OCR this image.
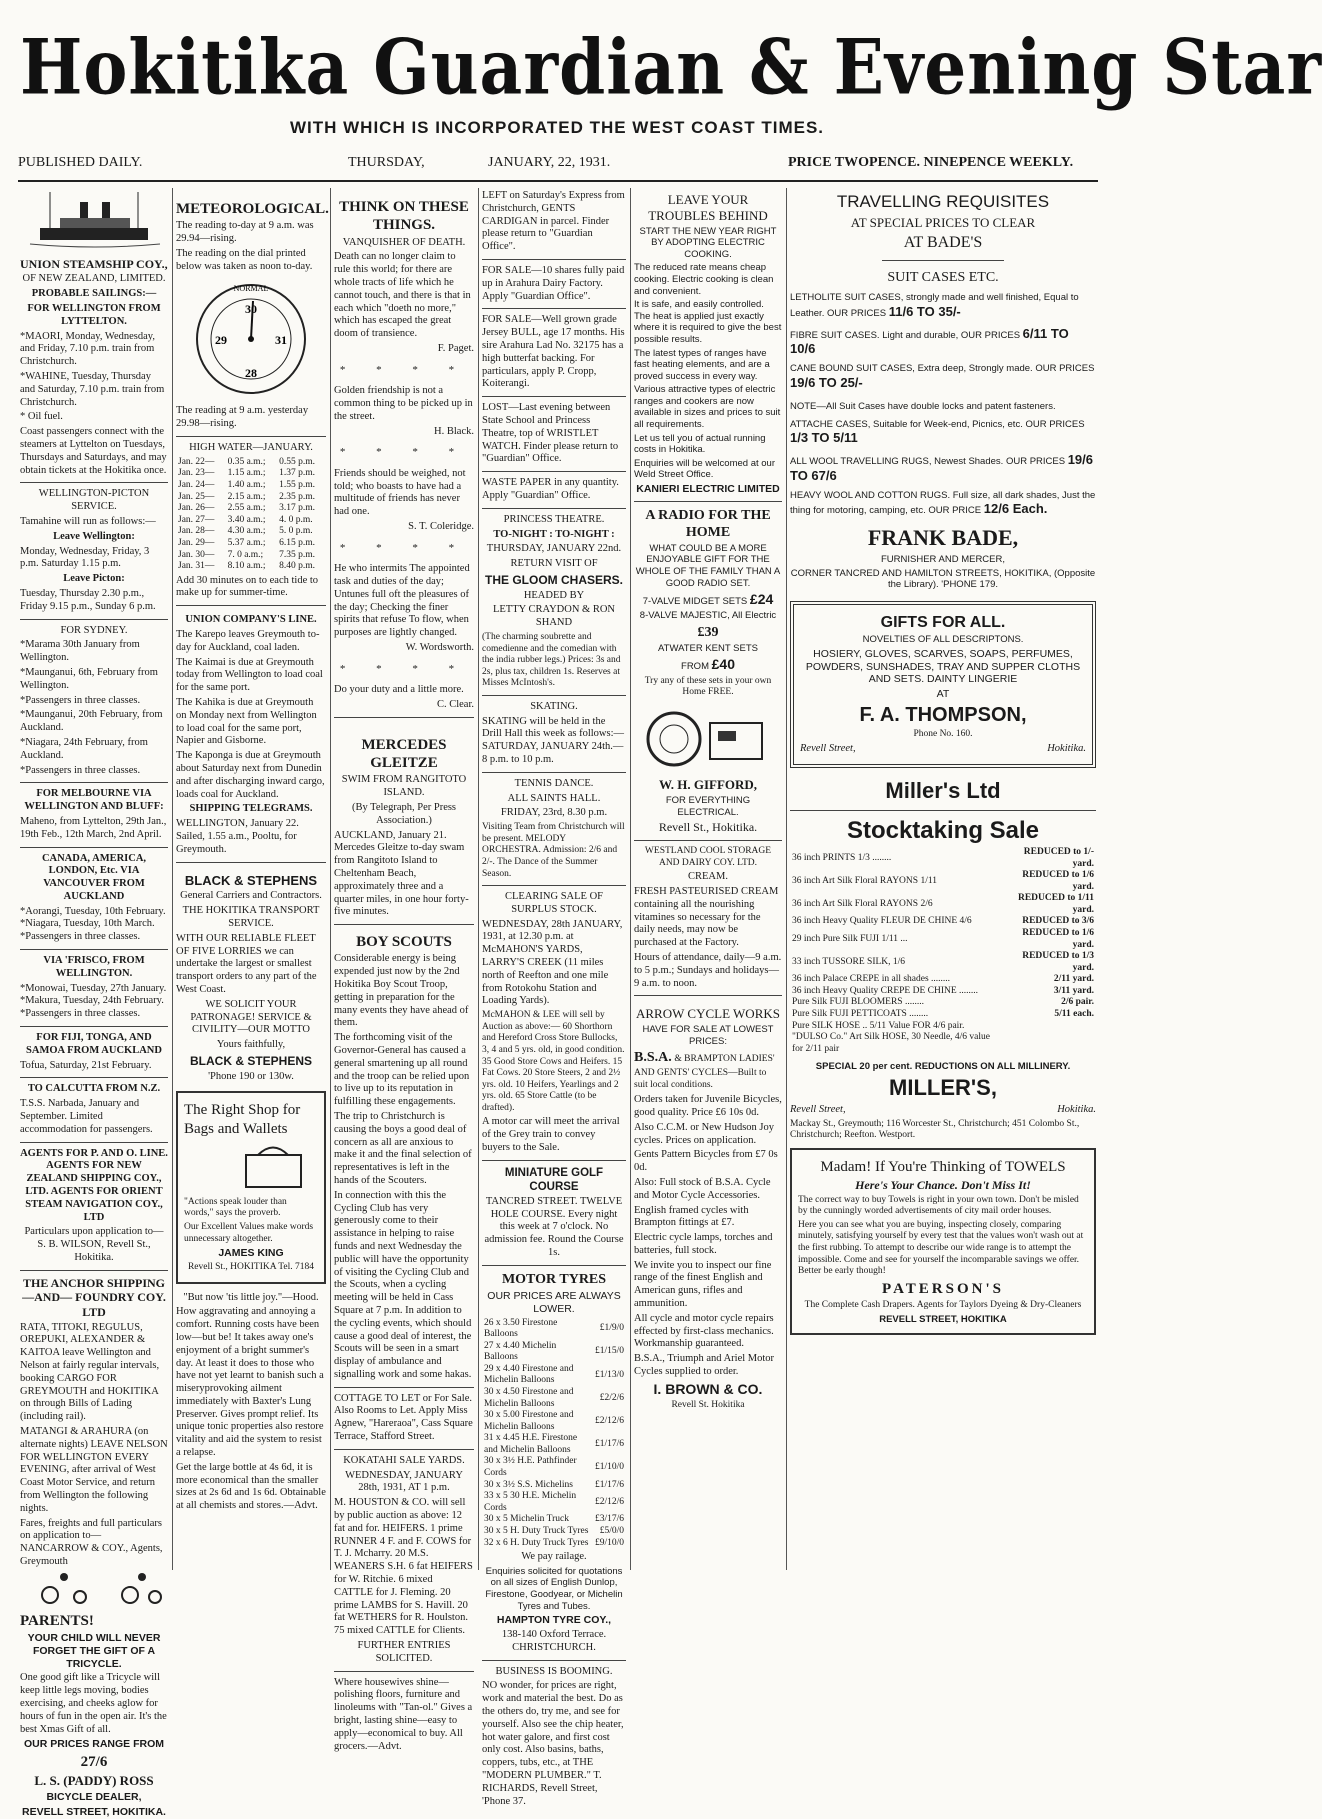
Hokitika Guardian & Evening Star
WITH WHICH IS INCORPORATED THE WEST COAST TIMES.
PUBLISHED DAILY.	THURSDAY,	JANUARY, 22, 1931.	PRICE TWOPENCE. NINEPENCE WEEKLY.

UNION STEAMSHIP COY.,

OF NEW ZEALAND, LIMITED.

PROBABLE SAILINGS:—

FOR WELLINGTON FROM LYTTELTON.

*MAORI, Monday, Wednesday, and Friday, 7.10 p.m. train from Christchurch.

*WAHINE, Tuesday, Thursday and Saturday, 7.10 p.m. train from Christchurch.

* Oil fuel.

Coast passengers connect with the steamers at Lyttelton on Tuesdays, Thursdays and Saturdays, and may obtain tickets at the Hokitika once.

WELLINGTON-PICTON SERVICE.

Tamahine will run as follows:—

Leave Wellington:

Monday, Wednesday, Friday, 3 p.m. Saturday 1.15 p.m.

Leave Picton:

Tuesday, Thursday 2.30 p.m., Friday 9.15 p.m., Sunday 6 p.m.

FOR SYDNEY.

*Marama 30th January from Wellington.

*Maunganui, 6th, February from Wellington.

*Passengers in three classes.

*Maunganui, 20th February, from Auckland.

*Niagara, 24th February, from Auckland.

*Passengers in three classes.

FOR MELBOURNE VIA WELLINGTON AND BLUFF:

Maheno, from Lyttelton, 29th Jan., 19th Feb., 12th March, 2nd April.

CANADA, AMERICA, LONDON, Etc. VIA VANCOUVER FROM AUCKLAND

*Aorangi, Tuesday, 10th February. *Niagara, Tuesday, 10th March. *Passengers in three classes.

VIA 'FRISCO, FROM WELLINGTON.

*Monowai, Tuesday, 27th January. *Makura, Tuesday, 24th February. *Passengers in three classes.

FOR FIJI, TONGA, AND SAMOA FROM AUCKLAND

Tofua, Saturday, 21st February.

TO CALCUTTA FROM N.Z.

T.S.S. Narbada, January and September. Limited accommodation for passengers.

AGENTS FOR P. AND O. LINE. AGENTS FOR NEW ZEALAND SHIPPING COY., LTD. AGENTS FOR ORIENT STEAM NAVIGATION COY., LTD

Particulars upon application to— S. B. WILSON, Revell St., Hokitika.

THE ANCHOR SHIPPING —AND— FOUNDRY COY. LTD

RATA, TITOKI, REGULUS, OREPUKI, ALEXANDER & KAITOA leave Wellington and Nelson at fairly regular intervals, booking CARGO FOR GREYMOUTH and HOKITIKA on through Bills of Lading (including rail).

MATANGI & ARAHURA (on alternate nights) LEAVE NELSON FOR WELLINGTON EVERY EVENING, after arrival of West Coast Motor Service, and return from Wellington the following nights.

Fares, freights and full particulars on application to— NANCARROW & COY., Agents, Greymouth

PARENTS!

YOUR CHILD WILL NEVER FORGET THE GIFT OF A TRICYCLE.

One good gift like a Tricycle will keep little legs moving, bodies exercising, and cheeks aglow for hours of fun in the open air. It's the best Xmas Gift of all.

OUR PRICES RANGE FROM

27/6

L. S. (PADDY) ROSS

BICYCLE DEALER,

REVELL STREET, HOKITIKA.

METEOROLOGICAL.

The reading to-day at 9 a.m. was 29.94—rising.

The reading on the dial printed below was taken as noon to-day.

NORMAL
30
29	31
28

The reading at 9 a.m. yesterday 29.98—rising.

HIGH WATER—JANUARY.

Jan. 22—	0.35 a.m.;	0.55 p.m.
Jan. 23—	1.15 a.m.;	1.37 p.m.
Jan. 24—	1.40 a.m.;	1.55 p.m.
Jan. 25—	2.15 a.m.;	2.35 p.m.
Jan. 26—	2.55 a.m.;	3.17 p.m.
Jan. 27—	3.40 a.m.;	4. 0 p.m.
Jan. 28—	4.30 a.m.;	5. 0 p.m.
Jan. 29—	5.37 a.m.;	6.15 p.m.
Jan. 30—	7. 0 a.m.;	7.35 p.m.
Jan. 31—	8.10 a.m.;	8.40 p.m.

Add 30 minutes on to each tide to make up for summer-time.

UNION COMPANY'S LINE.

The Karepo leaves Greymouth to-day for Auckland, coal laden.

The Kaimai is due at Greymouth today from Wellington to load coal for the same port.

The Kahika is due at Greymouth on Monday next from Wellington to load coal for the same port, Napier and Gisborne.

The Kaponga is due at Greymouth about Saturday next from Dunedin and after discharging inward cargo, loads coal for Auckland.

SHIPPING TELEGRAMS.

WELLINGTON, January 22. Sailed, 1.55 a.m., Pooltu, for Greymouth.

BLACK & STEPHENS

General Carriers and Contractors.

THE HOKITIKA TRANSPORT SERVICE.

WITH OUR RELIABLE FLEET OF FIVE LORRIES we can undertake the largest or smallest transport orders to any part of the West Coast.

WE SOLICIT YOUR PATRONAGE! SERVICE & CIVILITY—OUR MOTTO

Yours faithfully,

BLACK & STEPHENS

'Phone 190 or 130w.

The Right Shop for Bags and Wallets

"Actions speak louder than words," says the proverb.

Our Excellent Values make words unnecessary altogether.

JAMES KING

Revell St., HOKITIKA Tel. 7184

"But now 'tis little joy."—Hood.

How aggravating and annoying a comfort. Running costs have been low—but be! It takes away one's enjoyment of a bright summer's day. At least it does to those who have not yet learnt to banish such a miseryprovoking ailment immediately with Baxter's Lung Preserver. Gives prompt relief. Its unique tonic properties also restore vitality and aid the system to resist a relapse.

Get the large bottle at 4s 6d, it is more economical than the smaller sizes at 2s 6d and 1s 6d. Obtainable at all chemists and stores.—Advt.

THINK ON THESE THINGS.

VANQUISHER OF DEATH.

Death can no longer claim to rule this world; for there are whole tracts of life which he cannot touch, and there is that in each which "doeth no more," which has escaped the great doom of transience.

F. Paget.

* * * *

Golden friendship is not a common thing to be picked up in the street.

H. Black.

* * * *

Friends should be weighed, not told; who boasts to have had a multitude of friends has never had one.

S. T. Coleridge.

* * * *

He who intermits The appointed task and duties of the day; Untunes full oft the pleasures of the day; Checking the finer spirits that refuse To flow, when purposes are lightly changed.

W. Wordsworth.

* * * *

Do your duty and a little more.

C. Clear.

MERCEDES GLEITZE

SWIM FROM RANGITOTO ISLAND.

(By Telegraph, Per Press Association.)

AUCKLAND, January 21. Mercedes Gleitze to-day swam from Rangitoto Island to Cheltenham Beach, approximately three and a quarter miles, in one hour forty-five minutes.

BOY SCOUTS

Considerable energy is being expended just now by the 2nd Hokitika Boy Scout Troop, getting in preparation for the many events they have ahead of them.

The forthcoming visit of the Governor-General has caused a general smartening up all round and the troop can be relied upon to live up to its reputation in fulfilling these engagements.

The trip to Christchurch is causing the boys a good deal of concern as all are anxious to make it and the final selection of representatives is left in the hands of the Scouters.

In connection with this the Cycling Club has very generously come to their assistance in helping to raise funds and next Wednesday the public will have the opportunity of visiting the Cycling Club and the Scouts, when a cycling meeting will be held in Cass Square at 7 p.m. In addition to the cycling events, which should cause a good deal of interest, the Scouts will be seen in a smart display of ambulance and signalling work and some hakas.

COTTAGE TO LET or For Sale. Also Rooms to Let. Apply Miss Agnew, "Hareraoa", Cass Square Terrace, Stafford Street.

KOKATAHI SALE YARDS.

WEDNESDAY, JANUARY 28th, 1931, AT 1 p.m.

M. HOUSTON & CO. will sell by public auction as above: 12 fat and for. HEIFERS. 1 prime RUNNER 4 F. and F. COWS for T. J. Mcharry. 20 M.S. WEANERS S.H. 6 fat HEIFERS for W. Ritchie. 6 mixed CATTLE for J. Fleming. 20 prime LAMBS for S. Havill. 20 fat WETHERS for R. Houlston. 75 mixed CATTLE for Clients.

FURTHER ENTRIES SOLICITED.

Where housewives shine—polishing floors, furniture and linoleums with "Tan-ol." Gives a bright, lasting shine—easy to apply—economical to buy. All grocers.—Advt.

LEFT on Saturday's Express from Christchurch, GENTS CARDIGAN in parcel. Finder please return to "Guardian Office".

FOR SALE—10 shares fully paid up in Arahura Dairy Factory. Apply "Guardian Office".

FOR SALE—Well grown grade Jersey BULL, age 17 months. His sire Arahura Lad No. 32175 has a high butterfat backing. For particulars, apply P. Cropp, Koiterangi.

LOST—Last evening between State School and Princess Theatre, top of WRISTLET WATCH. Finder please return to "Guardian" Office.

WASTE PAPER in any quantity. Apply "Guardian" Office.

PRINCESS THEATRE.

TO-NIGHT : TO-NIGHT :

THURSDAY, JANUARY 22nd.

RETURN VISIT OF

THE GLOOM CHASERS.

HEADED BY

LETTY CRAYDON & RON SHAND

(The charming soubrette and comedienne and the comedian with the india rubber legs.) Prices: 3s and 2s, plus tax, children 1s. Reserves at Misses McIntosh's.

SKATING.

SKATING will be held in the Drill Hall this week as follows:— SATURDAY, JANUARY 24th.— 8 p.m. to 10 p.m.

TENNIS DANCE.

ALL SAINTS HALL.

FRIDAY, 23rd, 8.30 p.m.

Visiting Team from Christchurch will be present. MELODY ORCHESTRA. Admission: 2/6 and 2/-. The Dance of the Summer Season.

CLEARING SALE OF SURPLUS STOCK.

WEDNESDAY, 28th JANUARY, 1931, at 12.30 p.m. at McMAHON'S YARDS, LARRY'S CREEK (11 miles north of Reefton and one mile from Rotokohu Station and Loading Yards).

McMAHON & LEE will sell by Auction as above:— 60 Shorthorn and Hereford Cross Store Bullocks, 3, 4 and 5 yrs. old, in good condition. 35 Good Store Cows and Heifers. 15 Fat Cows. 20 Store Steers, 2 and 2½ yrs. old. 10 Heifers, Yearlings and 2 yrs. old. 65 Store Cattle (to be drafted).

A motor car will meet the arrival of the Grey train to convey buyers to the Sale.

MINIATURE GOLF COURSE

TANCRED STREET. TWELVE HOLE COURSE. Every night this week at 7 o'clock. No admission fee. Round the Course 1s.

MOTOR TYRES

OUR PRICES ARE ALWAYS LOWER.

26 x 3.50 Firestone Balloons	£1/9/0
27 x 4.40 Michelin Balloons	£1/15/0
29 x 4.40 Firestone and Michelin Balloons	£1/13/0
30 x 4.50 Firestone and Michelin Balloons	£2/2/6
30 x 5.00 Firestone and Michelin Balloons	£2/12/6
31 x 4.45 H.E. Firestone and Michelin Balloons	£1/17/6
30 x 3½ H.E. Pathfinder Cords	£1/10/0
30 x 3½ S.S. Michelins	£1/17/6
33 x 5 30 H.E. Michelin Cords	£2/12/6
30 x 5 Michelin Truck	£3/17/6
30 x 5 H. Duty Truck Tyres	£5/0/0
32 x 6 H. Duty Truck Tyres	£9/10/0

We pay railage.

Enquiries solicited for quotations on all sizes of English Dunlop, Firestone, Goodyear, or Michelin Tyres and Tubes.

HAMPTON TYRE COY.,

138-140 Oxford Terrace. CHRISTCHURCH.

BUSINESS IS BOOMING.

NO wonder, for prices are right, work and material the best. Do as the others do, try me, and see for yourself. Also see the chip heater, hot water galore, and first cost only cost. Also basins, baths, coppers, tubs, etc., at THE "MODERN PLUMBER." T. RICHARDS, Revell Street, 'Phone 37.

LEAVE YOUR TROUBLES BEHIND

START THE NEW YEAR RIGHT BY ADOPTING ELECTRIC COOKING.

The reduced rate means cheap cooking. Electric cooking is clean and convenient.

It is safe, and easily controlled. The heat is applied just exactly where it is required to give the best possible results.

The latest types of ranges have fast heating elements, and are a proved success in every way.

Various attractive types of electric ranges and cookers are now available in sizes and prices to suit all requirements.

Let us tell you of actual running costs in Hokitika.

Enquiries will be welcomed at our Weld Street Office.

KANIERI ELECTRIC LIMITED

A RADIO FOR THE HOME

WHAT COULD BE A MORE ENJOYABLE GIFT FOR THE WHOLE OF THE FAMILY THAN A GOOD RADIO SET.

7-VALVE MIDGET SETS £24

8-VALVE MAJESTIC, All Electric

£39

ATWATER KENT SETS

FROM £40

Try any of these sets in your own Home FREE.

W. H. GIFFORD,

FOR EVERYTHING ELECTRICAL.

Revell St., Hokitika.

WESTLAND COOL STORAGE AND DAIRY COY. LTD.

CREAM.

FRESH PASTEURISED CREAM containing all the nourishing vitamines so necessary for the daily needs, may now be purchased at the Factory.

Hours of attendance, daily—9 a.m. to 5 p.m.; Sundays and holidays—9 a.m. to noon.

ARROW CYCLE WORKS

HAVE FOR SALE AT LOWEST PRICES:

B.S.A. & BRAMPTON LADIES' AND GENTS' CYCLES—Built to suit local conditions.

Orders taken for Juvenile Bicycles, good quality. Price £6 10s 0d.

Also C.C.M. or New Hudson Joy cycles. Prices on application.

Gents Pattern Bicycles from £7 0s 0d.

Also: Full stock of B.S.A. Cycle and Motor Cycle Accessories.

English framed cycles with Brampton fittings at £7.

Electric cycle lamps, torches and batteries, full stock.

We invite you to inspect our fine range of the finest English and American guns, rifles and ammunition.

All cycle and motor cycle repairs effected by first-class mechanics. Workmanship guaranteed.

B.S.A., Triumph and Ariel Motor Cycles supplied to order.

I. BROWN & CO.

Revell St. Hokitika

TRAVELLING REQUISITES

AT SPECIAL PRICES TO CLEAR

AT BADE'S

SUIT CASES ETC.

LETHOLITE SUIT CASES, strongly made and well finished, Equal to Leather. OUR PRICES 11/6 TO 35/-

FIBRE SUIT CASES. Light and durable, OUR PRICES 6/11 TO 10/6

CANE BOUND SUIT CASES, Extra deep, Strongly made. OUR PRICES 19/6 TO 25/-

NOTE—All Suit Cases have double locks and patent fasteners.

ATTACHE CASES, Suitable for Week-end, Picnics, etc. OUR PRICES 1/3 TO 5/11

ALL WOOL TRAVELLING RUGS, Newest Shades. OUR PRICES 19/6 TO 67/6

HEAVY WOOL AND COTTON RUGS. Full size, all dark shades, Just the thing for motoring, camping, etc. OUR PRICE 12/6 Each.

FRANK BADE,

FURNISHER AND MERCER,

CORNER TANCRED AND HAMILTON STREETS, HOKITIKA, (Opposite the Library). 'PHONE 179.

GIFTS FOR ALL.

NOVELTIES OF ALL DESCRIPTONS.

HOSIERY, GLOVES, SCARVES, SOAPS, PERFUMES, POWDERS, SUNSHADES, TRAY AND SUPPER CLOTHS AND SETS. DAINTY LINGERIE

AT

F. A. THOMPSON,

Phone No. 160.

Revell Street,	Hokitika.

Miller's Ltd

Stocktaking Sale

36 inch PRINTS 1/3 ........	REDUCED to 1/- yard.
36 inch Art Silk Floral RAYONS 1/11	REDUCED to 1/6 yard.
36 inch Art Silk Floral RAYONS 2/6	REDUCED to 1/11 yard.
36 inch Heavy Quality FLEUR DE CHINE 4/6	REDUCED to 3/6
29 inch Pure Silk FUJI 1/11 ...	REDUCED to 1/6 yard.
33 inch TUSSORE SILK, 1/6	REDUCED to 1/3 yard.
36 inch Palace CREPE in all shades ........	2/11 yard.
36 inch Heavy Quality CREPE DE CHINE ........	3/11 yard.
Pure Silk FUJI BLOOMERS ........	2/6 pair.
Pure Silk FUJI PETTICOATS ........	5/11 each.
Pure SILK HOSE .. 5/11 Value FOR 4/6 pair.	
"DULSO Co." Art Silk HOSE, 30 Needle, 4/6 value for 2/11 pair	

SPECIAL 20 per cent. REDUCTIONS ON ALL MILLINERY.

MILLER'S,

Revell Street,	Hokitika.

Mackay St., Greymouth; 116 Worcester St., Christchurch; 451 Colombo St., Christchurch; Reefton. Westport.

Madam! If You're Thinking of TOWELS

Here's Your Chance. Don't Miss It!

The correct way to buy Towels is right in your own town. Don't be misled by the cunningly worded advertisements of city mail order houses.

Here you can see what you are buying, inspecting closely, comparing minutely, satisfying yourself by every test that the values won't wash out at the first rubbing. To attempt to describe our wide range is to attempt the impossible. Come and see for yourself the incomparable savings we offer. Better be early though!

PATERSON'S

The Complete Cash Drapers. Agents for Taylors Dyeing & Dry-Cleaners

REVELL STREET, HOKITIKA
